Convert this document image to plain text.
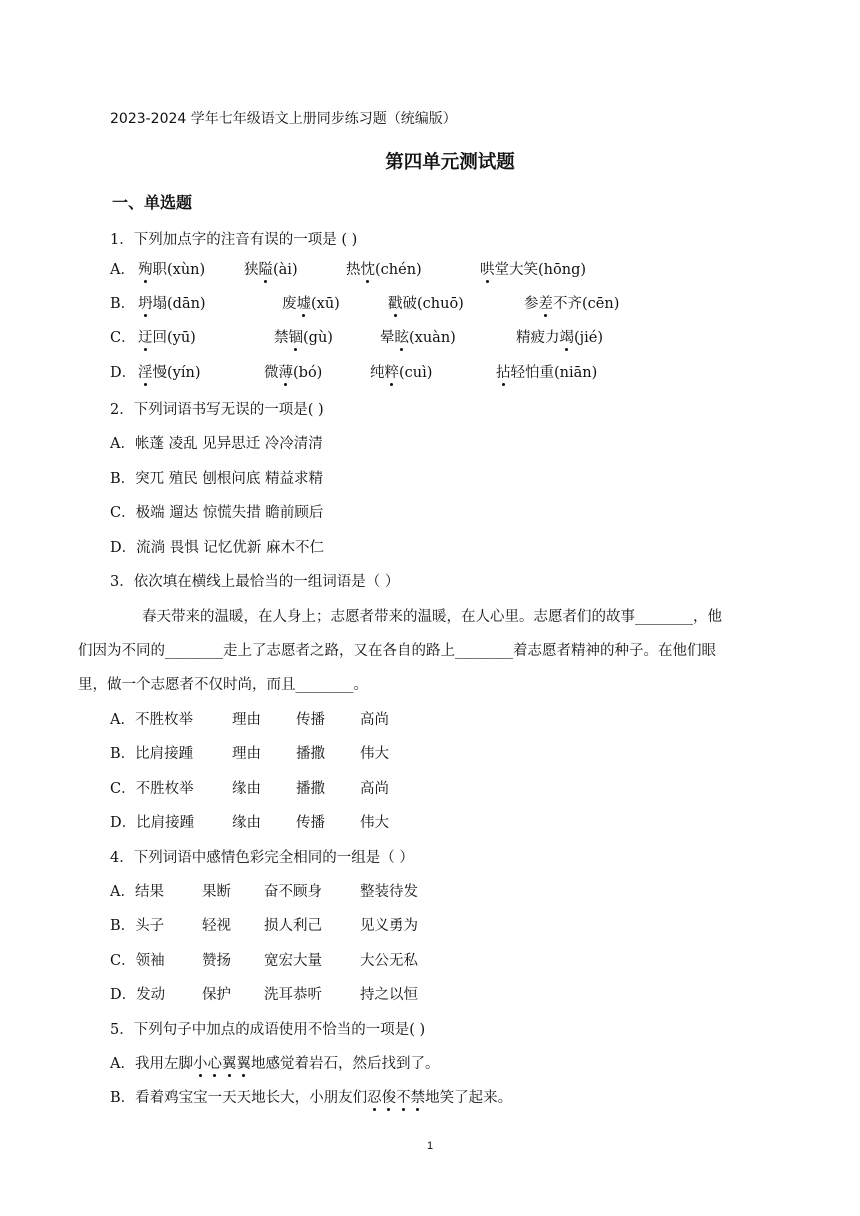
2023-2024 学年七年级语文上册同步练习题（统编版）
第四单元测试题
一、单选题
1．下列加点字的注音有误的一项是 ( )
A． 殉职(xùn)	狭隘(ài)	热忱(chén)	哄堂大笑(hōng)
B． 坍塌(dān)	废墟(xū)	戳破(chuō)	参差不齐(cēn)
C． 迂回(yū)	禁锢(gù)	晕眩(xuàn)	精疲力竭(jié)
D． 淫慢(yín)	微薄(bó)	纯粹(cuì)	拈轻怕重(niān)
2．下列词语书写无误的一项是( )
A．帐蓬 凌乱 见异思迁 冷冷清清
B．突兀 殖民 刨根问底 精益求精
C．极端 遛达 惊慌失措 瞻前顾后
D．流淌 畏惧 记忆优新 麻木不仁
3．依次填在横线上最恰当的一组词语是（ ）
春天带来的温暖，在人身上；志愿者带来的温暖，在人心里。志愿者们的故事________，他
们因为不同的________走上了志愿者之路，又在各自的路上________着志愿者精神的种子。在他们眼
里，做一个志愿者不仅时尚，而且________。
A．不胜枚举	理由 传播 高尚
B．比肩接踵	理由 播撒 伟大
C．不胜枚举	缘由 播撒 高尚
D．比肩接踵	缘由 传播 伟大
4．下列词语中感情色彩完全相同的一组是（ ）
A．结果	果断 奋不顾身	整装待发
B．头子	轻视 损人利己	见义勇为
C．领袖	赞扬 宽宏大量	大公无私
D．发动	保护 洗耳恭听	持之以恒
5．下列句子中加点的成语使用不恰当的一项是( )
A．我用左脚小心翼翼地感觉着岩石，然后找到了。
B．看着鸡宝宝一天天地长大，小朋友们忍俊不禁地笑了起来。
1
